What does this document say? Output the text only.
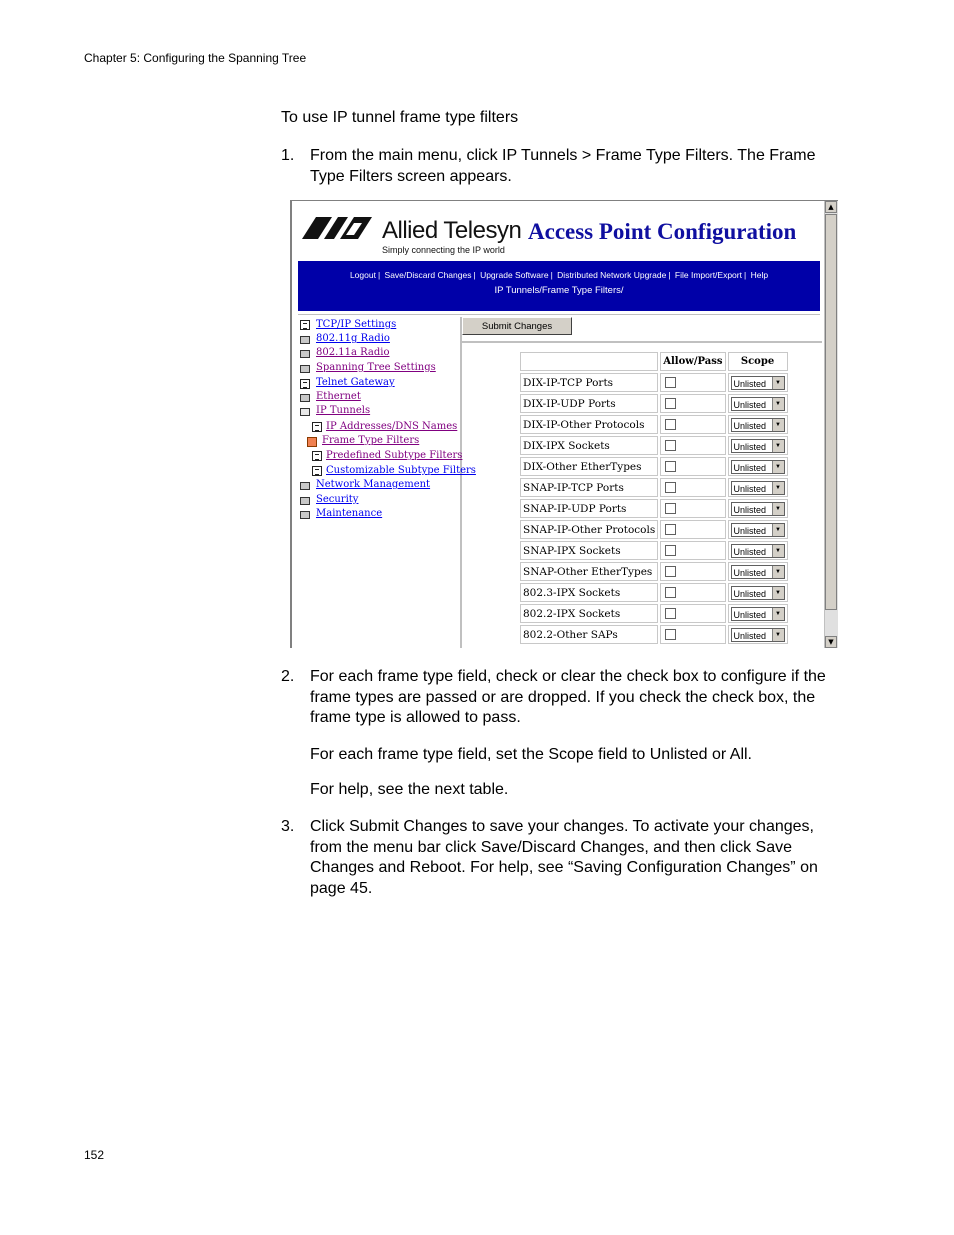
Chapter 5: Configuring the Spanning Tree
To use IP tunnel frame type filters
1. From the main menu, click IP Tunnels > Frame Type Filters. The Frame Type Filters screen appears.
Allied Telesyn
Simply connecting the IP world
Access Point Configuration
Logout | Save/Discard Changes | Upgrade Software | Distributed Network Upgrade | File Import/Export | Help
IP Tunnels/Frame Type Filters/
TCP/IP Settings
802.11g Radio
802.11a Radio
Spanning Tree Settings
Telnet Gateway
Ethernet
IP Tunnels
IP Addresses/DNS Names
Frame Type Filters
Predefined Subtype Filters
Customizable Subtype Filters
Network Management
Security
Maintenance
Submit Changes
	Allow/Pass	Scope
DIX-IP-TCP Ports		Unlisted ▼

DIX-IP-UDP Ports		Unlisted ▼

DIX-IP-Other Protocols		Unlisted ▼

DIX-IPX Sockets		Unlisted ▼

DIX-Other EtherTypes		Unlisted ▼

SNAP-IP-TCP Ports		Unlisted ▼

SNAP-IP-UDP Ports		Unlisted ▼

SNAP-IP-Other Protocols		Unlisted ▼

SNAP-IPX Sockets		Unlisted ▼

SNAP-Other EtherTypes		Unlisted ▼

802.3-IPX Sockets		Unlisted ▼

802.2-IPX Sockets		Unlisted ▼

802.2-Other SAPs		Unlisted ▼
▲
▼
2. For each frame type field, check or clear the check box to configure if the frame types are passed or are dropped. If you check the check box, the frame type is allowed to pass.
For each frame type field, set the Scope field to Unlisted or All.
For help, see the next table.
3. Click Submit Changes to save your changes. To activate your changes, from the menu bar click Save/Discard Changes, and then click Save Changes and Reboot. For help, see “Saving Configuration Changes” on page 45.
152
